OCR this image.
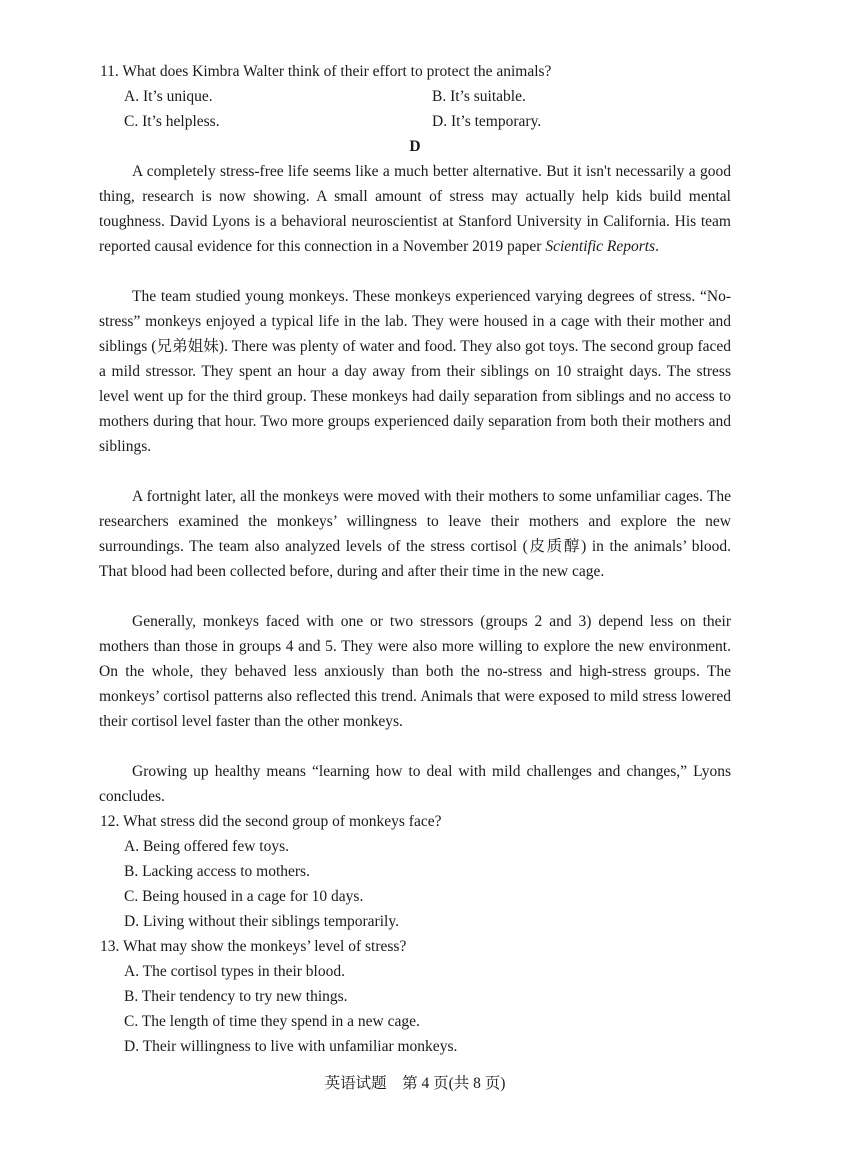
11. What does Kimbra Walter think of their effort to protect the animals?
A. It’s unique.	B. It’s suitable.
C. It’s helpless.	D. It’s temporary.
D
A completely stress-free life seems like a much better alternative. But it isn't necessarily a good thing, research is now showing. A small amount of stress may actually help kids build mental toughness. David Lyons is a behavioral neuroscientist at Stanford University in California. His team reported causal evidence for this connection in a November 2019 paper Scientific Reports.
The team studied young monkeys. These monkeys experienced varying degrees of stress. “No-stress” monkeys enjoyed a typical life in the lab. They were housed in a cage with their mother and siblings (兄弟姐妹). There was plenty of water and food. They also got toys. The second group faced a mild stressor. They spent an hour a day away from their siblings on 10 straight days. The stress level went up for the third group. These monkeys had daily separation from siblings and no access to mothers during that hour. Two more groups experienced daily separation from both their mothers and siblings.
A fortnight later, all the monkeys were moved with their mothers to some unfamiliar cages. The researchers examined the monkeys’ willingness to leave their mothers and explore the new surroundings. The team also analyzed levels of the stress cortisol (皮质醇) in the animals’ blood. That blood had been collected before, during and after their time in the new cage.
Generally, monkeys faced with one or two stressors (groups 2 and 3) depend less on their mothers than those in groups 4 and 5. They were also more willing to explore the new environment. On the whole, they behaved less anxiously than both the no-stress and high-stress groups. The monkeys’ cortisol patterns also reflected this trend. Animals that were exposed to mild stress lowered their cortisol level faster than the other monkeys.
Growing up healthy means “learning how to deal with mild challenges and changes,” Lyons concludes.
12. What stress did the second group of monkeys face?
A. Being offered few toys.
B. Lacking access to mothers.
C. Being housed in a cage for 10 days.
D. Living without their siblings temporarily.
13. What may show the monkeys’ level of stress?
A. The cortisol types in their blood.
B. Their tendency to try new things.
C. The length of time they spend in a new cage.
D. Their willingness to live with unfamiliar monkeys.
英语试题　第 4 页(共 8 页)
